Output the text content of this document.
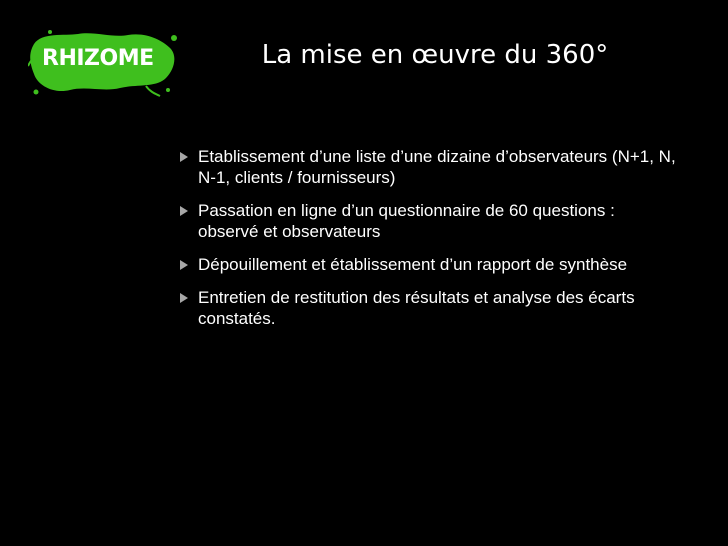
RHIZOME	La mise en œuvre du 360°
Etablissement d’une liste d’une dizaine d’observateurs (N+1, N, N-1, clients / fournisseurs)
Passation en ligne d’un questionnaire de 60 questions : observé et observateurs
Dépouillement et établissement d’un rapport de synthèse
Entretien de restitution des résultats et analyse des écarts constatés.
